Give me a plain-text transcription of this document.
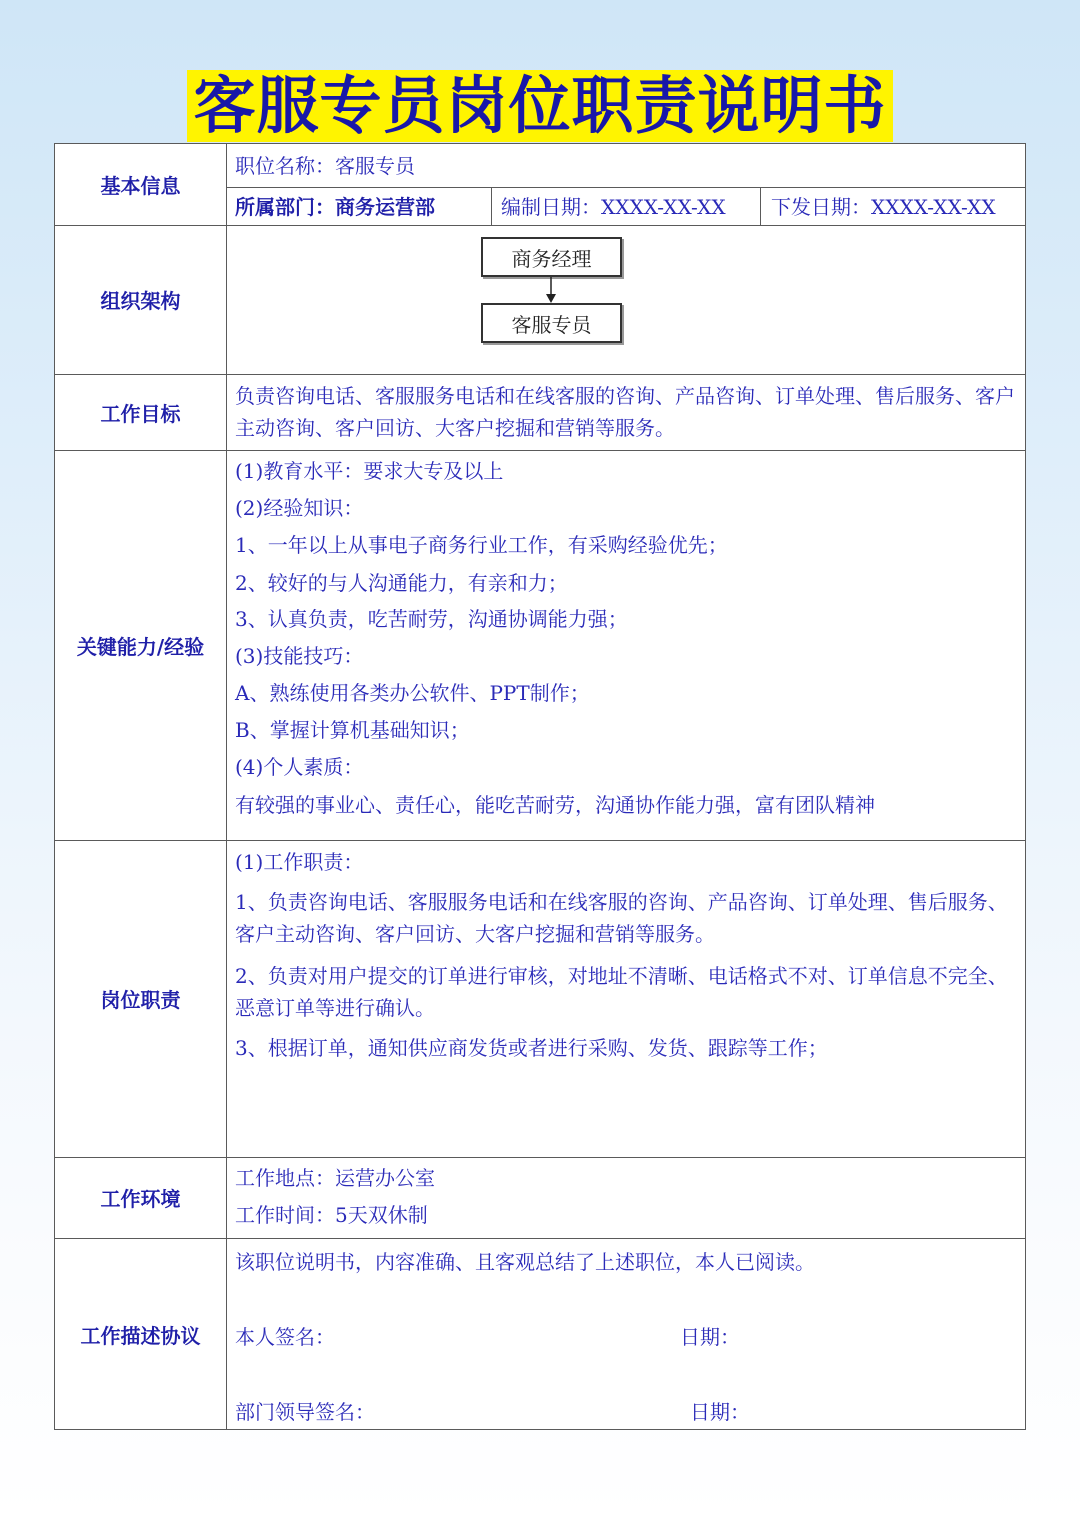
客服专员岗位职责说明书
基本信息
职位名称：客服专员
所属部门：商务运营部	编制日期：XXXX-XX-XX 下发日期：XXXX-XX-XX
组织架构
商务经理
客服专员
工作目标
负责咨询电话、客服服务电话和在线客服的咨询、产品咨询、订单处理、售后服务、客户主动咨询、客户回访、大客户挖掘和营销等服务。
关键能力/经验
(1)教育水平：要求大专及以上
(2)经验知识：
1、一年以上从事电子商务行业工作，有采购经验优先；
2、较好的与人沟通能力，有亲和力；
3、认真负责，吃苦耐劳，沟通协调能力强；
(3)技能技巧：
A、熟练使用各类办公软件、PPT制作；
B、掌握计算机基础知识；
(4)个人素质：
有较强的事业心、责任心，能吃苦耐劳，沟通协作能力强，富有团队精神
岗位职责
(1)工作职责：
1、负责咨询电话、客服服务电话和在线客服的咨询、产品咨询、订单处理、售后服务、客户主动咨询、客户回访、大客户挖掘和营销等服务。
2、负责对用户提交的订单进行审核，对地址不清晰、电话格式不对、订单信息不完全、恶意订单等进行确认。
3、根据订单，通知供应商发货或者进行采购、发货、跟踪等工作；
工作环境
工作地点：运营办公室
工作时间：5天双休制
工作描述协议
该职位说明书，内容准确、且客观总结了上述职位，本人已阅读。
本人签名：	日期：
部门领导签名：	日期：
